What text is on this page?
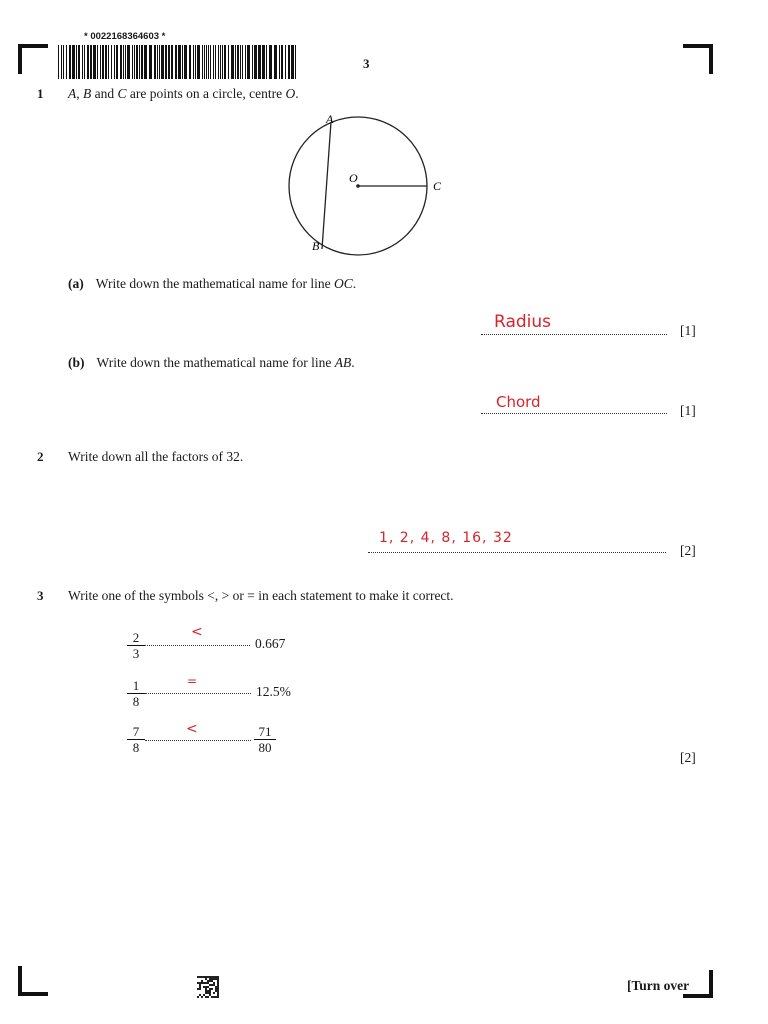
* 0022168364603 *
3
1 A, B and C are points on a circle, centre O.
A
B
C
O
(a) Write down the mathematical name for line OC.
Radius	[1]
(b) Write down the mathematical name for line AB.
Chord	[1]
2 Write down all the factors of 32.
1, 2, 4, 8, 16, 32
[2]
3 Write one of the symbols <, > or = in each statement to make it correct.
$\frac{2}{3}$	<
0.667
$\frac{1}{8}$	=
12.5%
$\frac{7}{8}$	<	$\frac{71}{80}$
[2]
[Turn over
